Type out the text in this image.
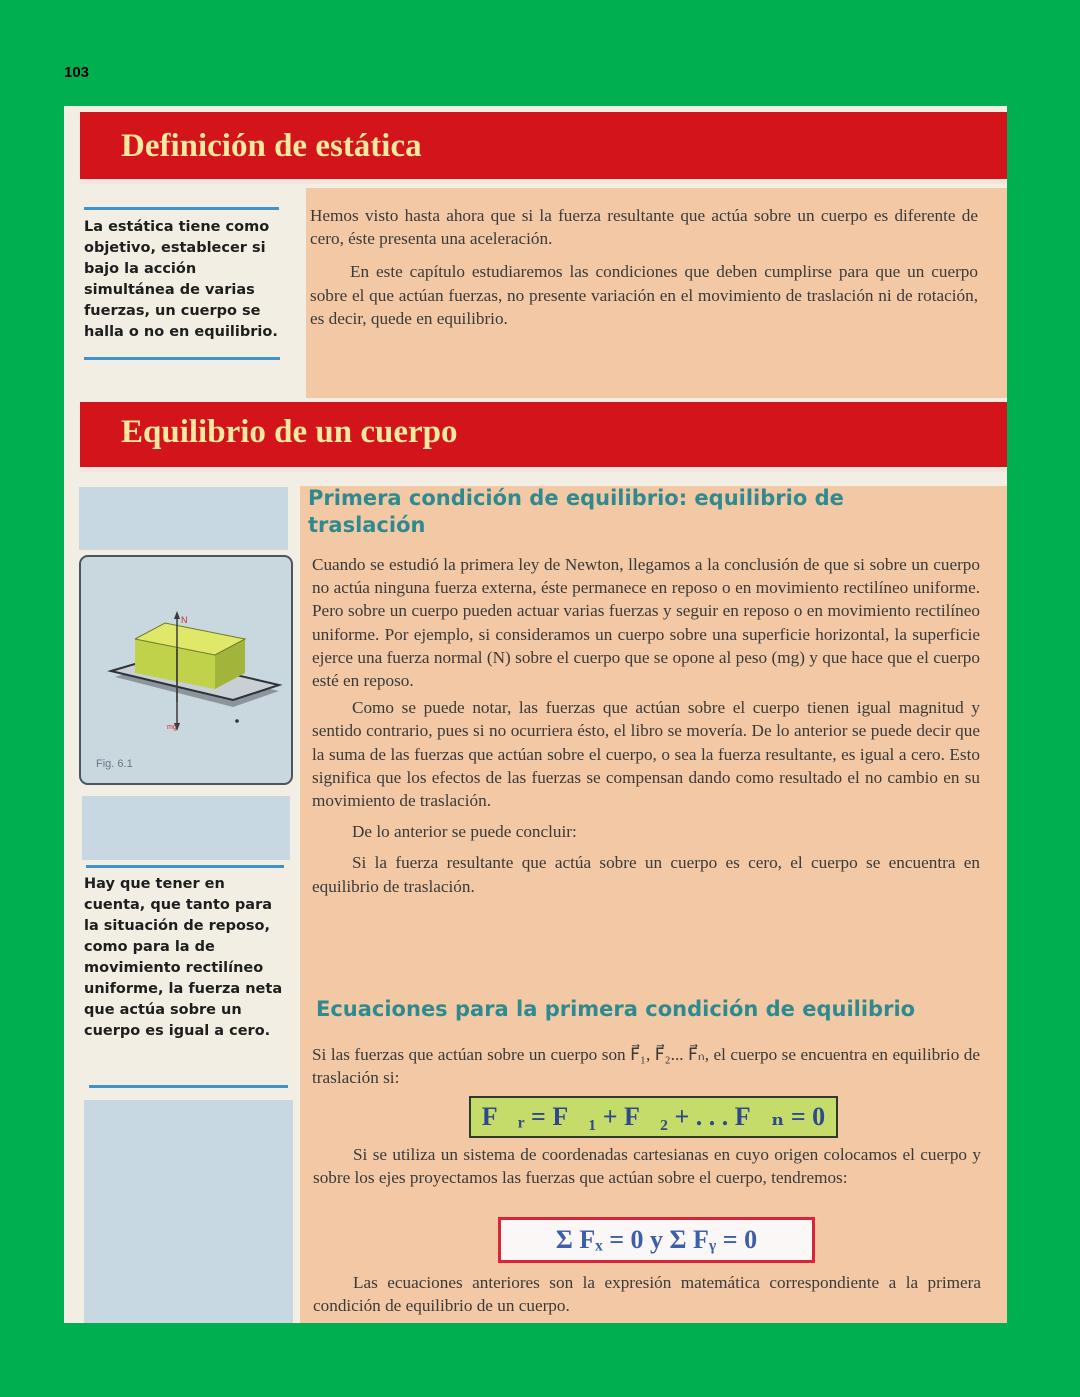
103
Definición de estática
La estática tiene como objetivo, establecer si bajo la acción simultánea de varias fuerzas, un cuerpo se halla o no en equilibrio.

Hemos visto hasta ahora que si la fuerza resultante que actúa sobre un cuerpo es diferente de cero, éste presenta una aceleración.

En este capítulo estudiaremos las condiciones que deben cumplirse para que un cuerpo sobre el que actúan fuerzas, no presente variación en el movimiento de traslación ni de rotación, es decir, quede en equilibrio.

Equilibrio de un cuerpo
N
mg
Fig. 6.1
Hay que tener en cuenta, que tanto para la situación de reposo, como para la de movimiento rectilíneo uniforme, la fuerza neta que actúa sobre un cuerpo es igual a cero.
Primera condición de equilibrio: equilibrio de traslación

Cuando se estudió la primera ley de Newton, llegamos a la conclusión de que si sobre un cuerpo no actúa ninguna fuerza externa, éste permanece en reposo o en movimiento rectilíneo uniforme. Pero sobre un cuerpo pueden actuar varias fuerzas y seguir en reposo o en movimiento rectilíneo uniforme. Por ejemplo, si consideramos un cuerpo sobre una superficie horizontal, la superficie ejerce una fuerza normal (N) sobre el cuerpo que se opone al peso (mg) y que hace que el cuerpo esté en reposo.

Como se puede notar, las fuerzas que actúan sobre el cuerpo tienen igual magnitud y sentido contrario, pues si no ocurriera ésto, el libro se movería. De lo anterior se puede decir que la suma de las fuerzas que actúan sobre el cuerpo, o sea la fuerza resultante, es igual a cero. Esto significa que los efectos de las fuerzas se compensan dando como resultado el no cambio en su movimiento de traslación.

De lo anterior se puede concluir:

Si la fuerza resultante que actúa sobre un cuerpo es cero, el cuerpo se encuentra en equilibrio de traslación.

Ecuaciones para la primera condición de equilibrio
Si las fuerzas que actúan sobre un cuerpo son F⃗₁, F⃗₂... F⃗ₙ, el cuerpo se encuentra en equilibrio de traslación si:
F⃗ᵣ = F⃗₁ + F⃗₂ + . . . F⃗ₙ = 0
Si se utiliza un sistema de coordenadas cartesianas en cuyo origen colocamos el cuerpo y sobre los ejes proyectamos las fuerzas que actúan sobre el cuerpo, tendremos:
Σ Fₓ = 0 y Σ Fᵧ = 0
Las ecuaciones anteriores son la expresión matemática correspondiente a la primera condición de equilibrio de un cuerpo.
